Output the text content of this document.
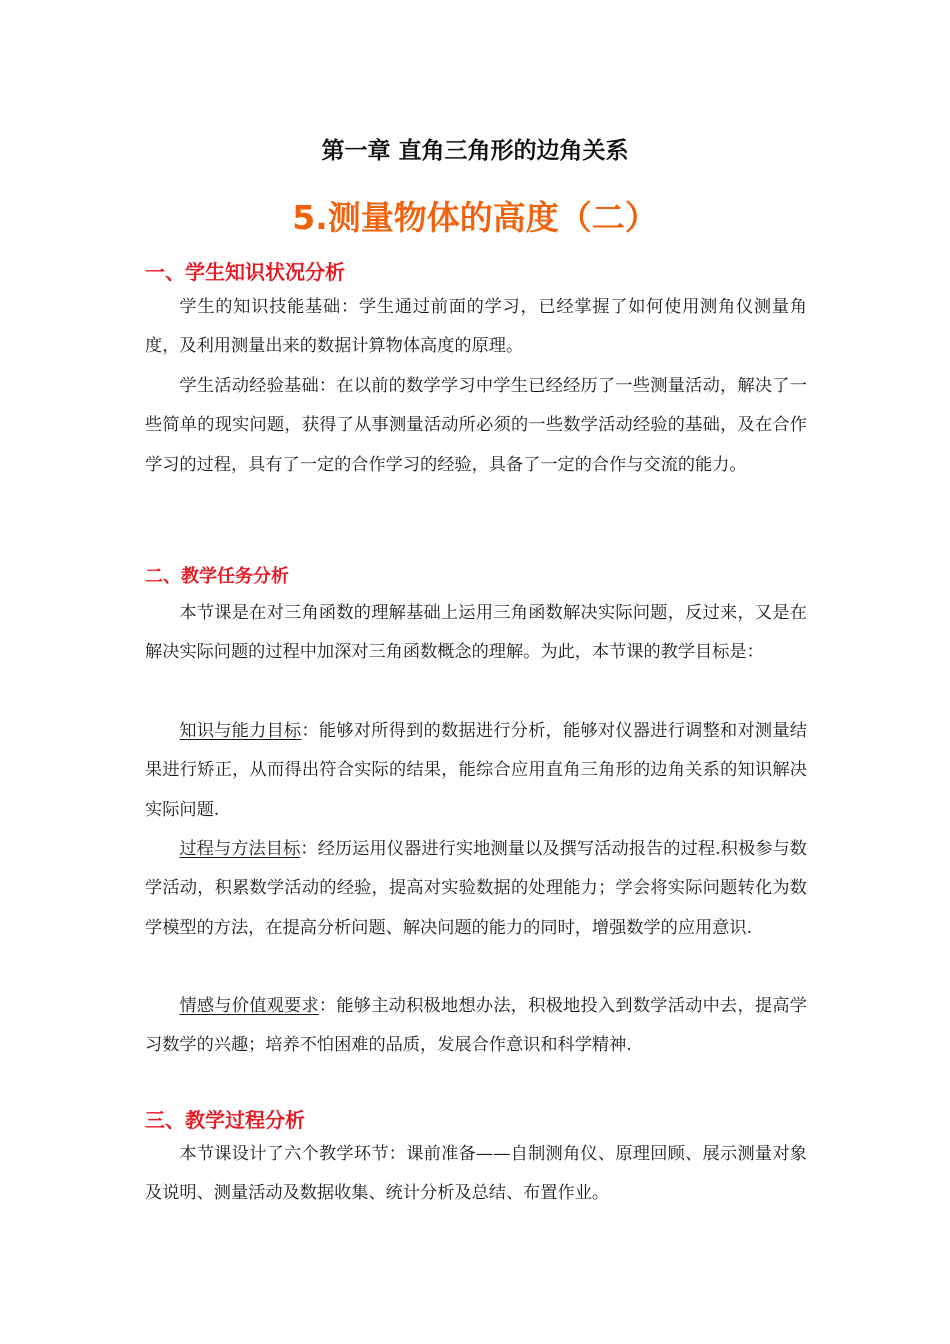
第一章 直角三角形的边角关系
5.测量物体的高度（二）
一、学生知识状况分析

学生的知识技能基础：学生通过前面的学习，已经掌握了如何使用测角仪测量角度，及利用测量出来的数据计算物体高度的原理。

学生活动经验基础：在以前的数学学习中学生已经经历了一些测量活动，解决了一些简单的现实问题，获得了从事测量活动所必须的一些数学活动经验的基础，及在合作学习的过程，具有了一定的合作学习的经验，具备了一定的合作与交流的能力。

二、教学任务分析

本节课是在对三角函数的理解基础上运用三角函数解决实际问题，反过来，又是在解决实际问题的过程中加深对三角函数概念的理解。为此，本节课的教学目标是：

知识与能力目标：能够对所得到的数据进行分析，能够对仪器进行调整和对测量结果进行矫正，从而得出符合实际的结果，能综合应用直角三角形的边角关系的知识解决实际问题.

过程与方法目标：经历运用仪器进行实地测量以及撰写活动报告的过程.积极参与数学活动，积累数学活动的经验，提高对实验数据的处理能力；学会将实际问题转化为数学模型的方法，在提高分析问题、解决问题的能力的同时，增强数学的应用意识.

情感与价值观要求：能够主动积极地想办法，积极地投入到数学活动中去，提高学习数学的兴趣；培养不怕困难的品质，发展合作意识和科学精神.

三、教学过程分析

本节课设计了六个教学环节：课前准备——自制测角仪、原理回顾、展示测量对象及说明、测量活动及数据收集、统计分析及总结、布置作业。
